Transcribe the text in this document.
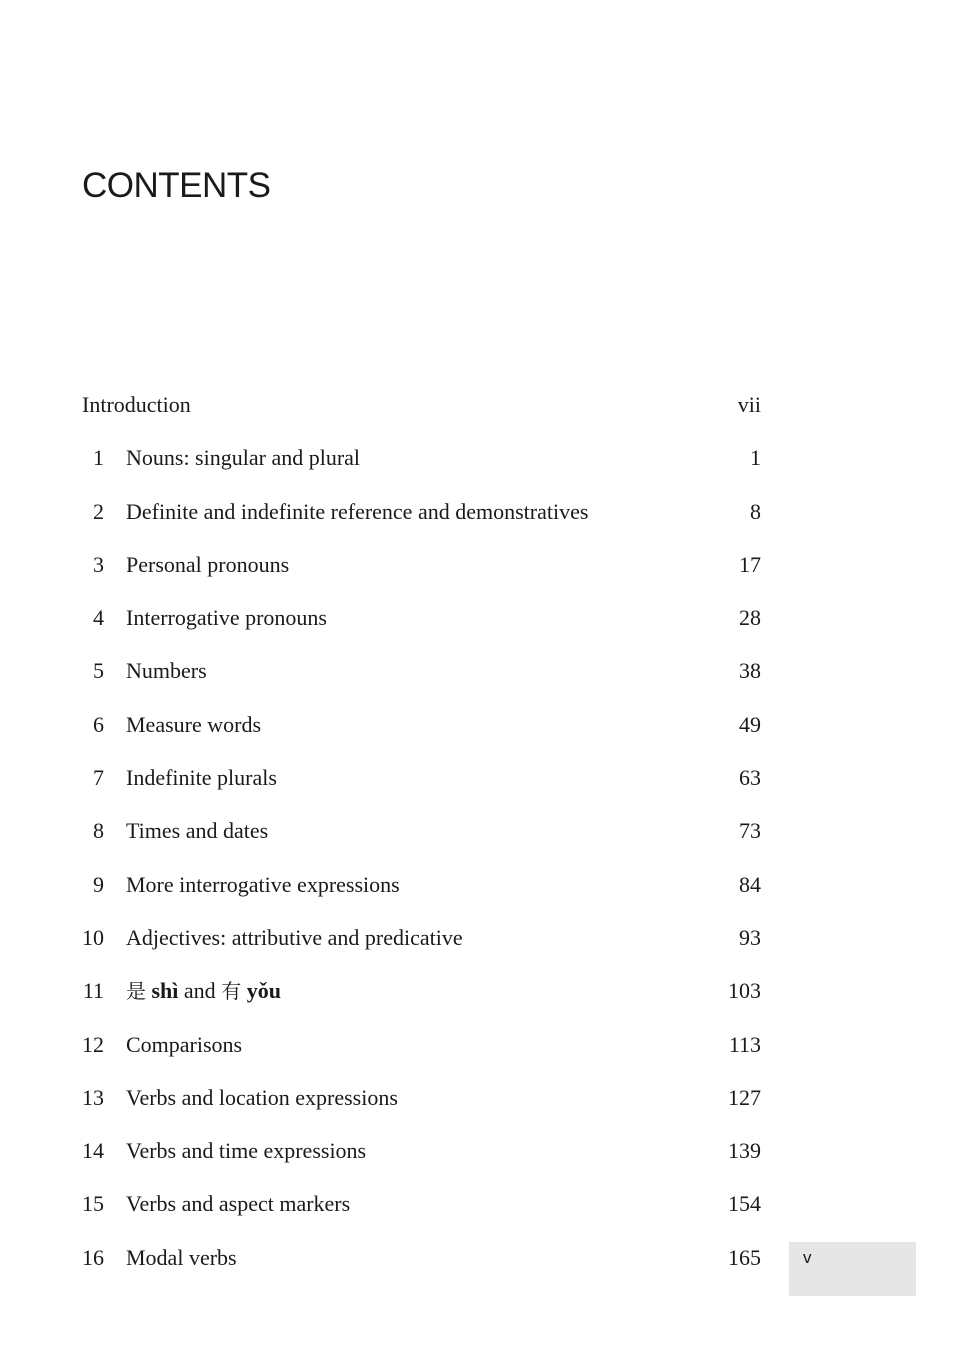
CONTENTS
Introduction	vii
1 Nouns: singular and plural	1
2 Definite and indefinite reference and demonstratives	8
3 Personal pronouns	17
4 Interrogative pronouns	28
5 Numbers	38
6 Measure words	49
7 Indefinite plurals	63
8 Times and dates	73
9 More interrogative expressions	84
10 Adjectives: attributive and predicative	93
11 是 shì and 有 yǒu	103
12 Comparisons	113
13 Verbs and location expressions	127
14 Verbs and time expressions	139
15 Verbs and aspect markers	154
16 Modal verbs	165 v
